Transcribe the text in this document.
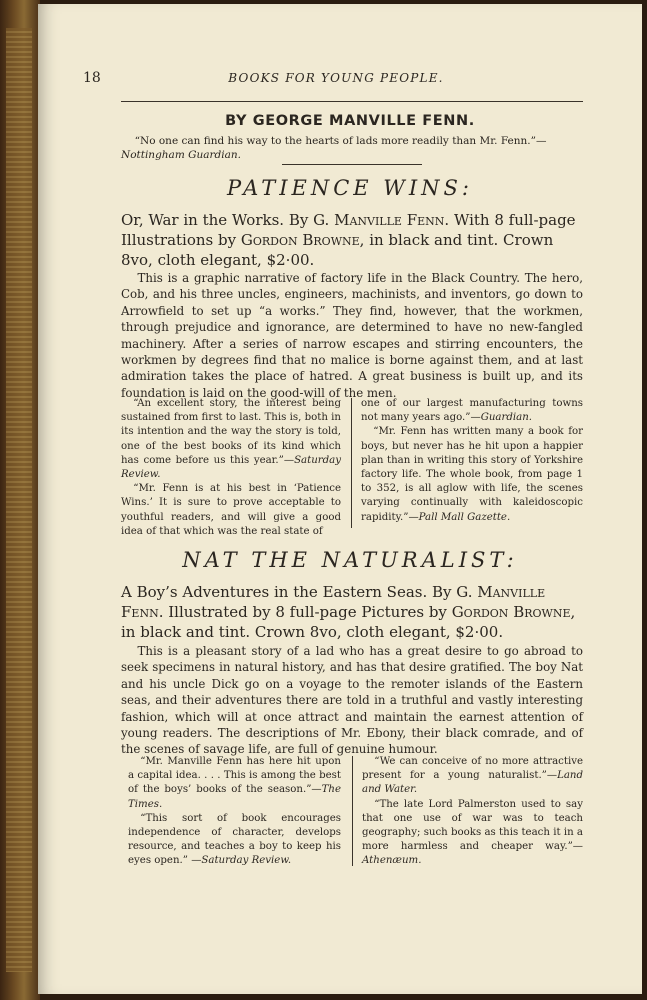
18	BOOKS FOR YOUNG PEOPLE.
BY GEORGE MANVILLE FENN.
“No one can find his way to the hearts of lads more readily than Mr. Fenn.”— Nottingham Guardian.
PATIENCE WINS:
Or, War in the Works. By G. Manville Fenn. With 8 full-page Illustrations by Gordon Browne, in black and tint. Crown 8vo, cloth elegant, $2·00.

This is a graphic narrative of factory life in the Black Country. The hero, Cob, and his three uncles, engineers, machinists, and inventors, go down to Arrowfield to set up “a works.” They find, however, that the workmen, through prejudice and ignorance, are determined to have no new-fangled machinery. After a series of narrow escapes and stirring encounters, the workmen by degrees find that no malice is borne against them, and at last admiration takes the place of hatred. A great business is built up, and its foundation is laid on the good-will of the men.

“An excellent story, the interest being sustained from first to last. This is, both in its intention and the way the story is told, one of the best books of its kind which has come before us this year.”—Saturday Review.

“Mr. Fenn is at his best in ‘Patience Wins.’ It is sure to prove acceptable to youthful readers, and will give a good idea of that which was the real state of

one of our largest manufacturing towns not many years ago.”—Guardian.

“Mr. Fenn has written many a book for boys, but never has he hit upon a happier plan than in writing this story of Yorkshire factory life. The whole book, from page 1 to 352, is all aglow with life, the scenes varying continually with kaleidoscopic rapidity.”—Pall Mall Gazette.

NAT THE NATURALIST:
A Boy’s Adventures in the Eastern Seas. By G. Manville Fenn. Illustrated by 8 full-page Pictures by Gordon Browne, in black and tint. Crown 8vo, cloth elegant, $2·00.

This is a pleasant story of a lad who has a great desire to go abroad to seek specimens in natural history, and has that desire gratified. The boy Nat and his uncle Dick go on a voyage to the remoter islands of the Eastern seas, and their adventures there are told in a truthful and vastly interesting fashion, which will at once attract and maintain the earnest attention of young readers. The descriptions of Mr. Ebony, their black comrade, and of the scenes of savage life, are full of genuine humour.

“Mr. Manville Fenn has here hit upon a capital idea. . . . This is among the best of the boys’ books of the season.”—The Times.

“This sort of book encourages independence of character, develops resource, and teaches a boy to keep his eyes open.” —Saturday Review.

“We can conceive of no more attractive present for a young naturalist.”—Land and Water.

“The late Lord Palmerston used to say that one use of war was to teach geography; such books as this teach it in a more harmless and cheaper way.”—Athenæum.
